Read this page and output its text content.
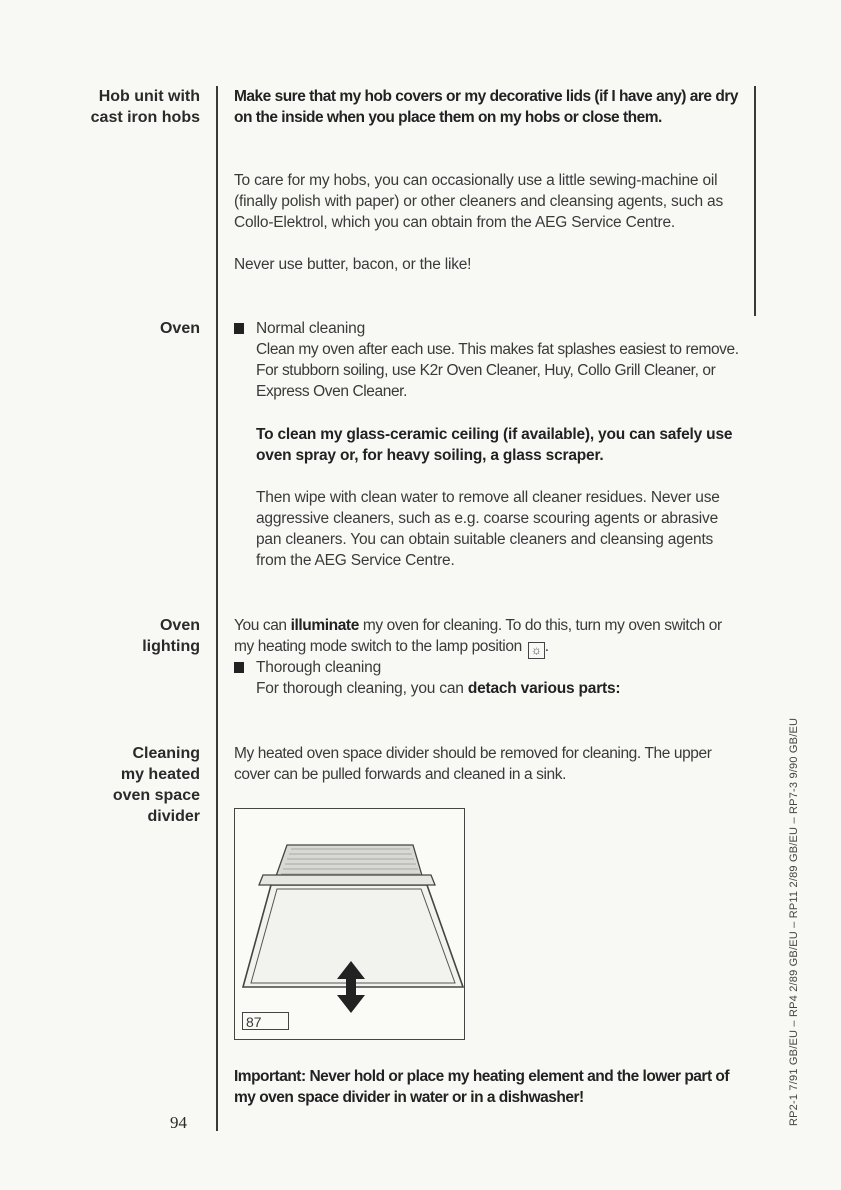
Hob unit with
cast iron hobs
Make sure that my hob covers or my decorative lids (if I have any) are dry on the inside when you place them on my hobs or close them.
To care for my hobs, you can occasionally use a little sewing-machine oil (finally polish with paper) or other cleaners and cleansing agents, such as Collo-Elektrol, which you can obtain from the AEG Service Centre.
Never use butter, bacon, or the like!
Oven	Normal cleaning
Clean my oven after each use. This makes fat splashes easiest to remove. For stubborn soiling, use K2r Oven Cleaner, Huy, Collo Grill Cleaner, or Express Oven Cleaner.
To clean my glass-ceramic ceiling (if available), you can safely use oven spray or, for heavy soiling, a glass scraper.
Then wipe with clean water to remove all cleaner residues. Never use aggressive cleaners, such as e.g. coarse scouring agents or abrasive pan cleaners. You can obtain suitable cleaners and cleansing agents from the AEG Service Centre.
Oven
lighting
You can illuminate my oven for cleaning. To do this, turn my oven switch or my heating mode switch to the lamp position ☼ .
Thorough cleaning
For thorough cleaning, you can detach various parts:
Cleaning
my heated
oven space
divider
My heated oven space divider should be removed for cleaning. The upper cover can be pulled forwards and cleaned in a sink.
87
Important: Never hold or place my heating element and the lower part of my oven space divider in water or in a dishwasher!
94	RP2-1 7/91 GB/EU – RP4 2/89 GB/EU – RP11 2/89 GB/EU – RP7-3 9/90 GB/EU
